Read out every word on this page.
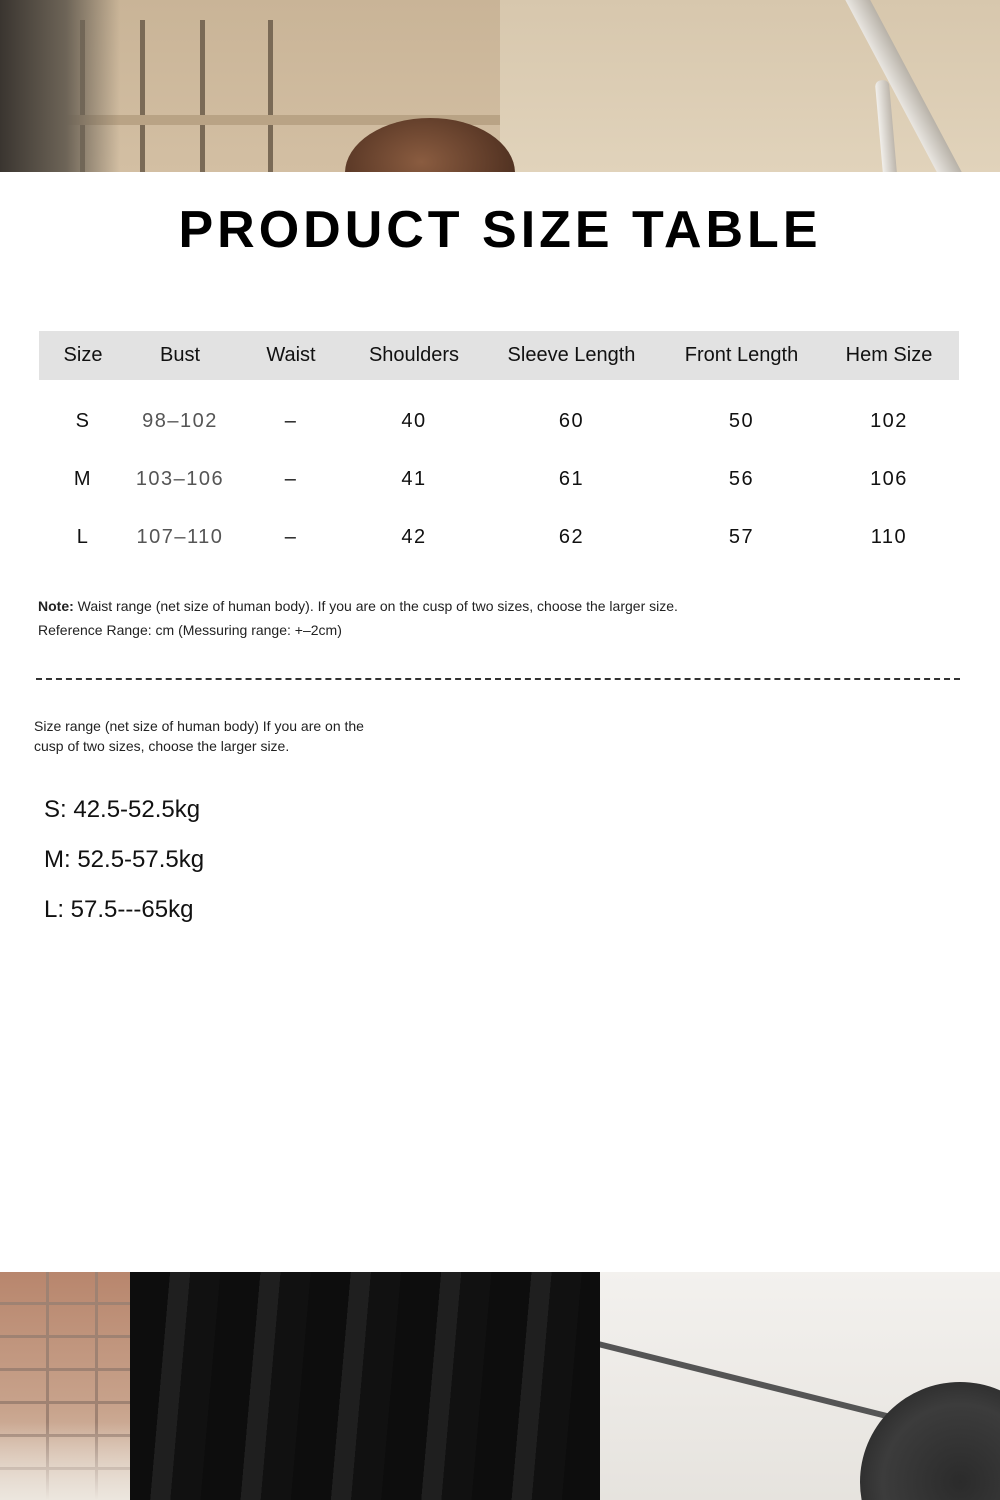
PRODUCT SIZE TABLE
Size	Bust	Waist	Shoulders	Sleeve Length	Front Length	Hem Size

S	98–102	–	40	60	50	102
M	103–106	–	41	61	56	106
L	107–110	–	42	62	57	110
Note: Waist range (net size of human body). If you are on the cusp of two sizes, choose the larger size.
Reference Range: cm (Messuring range: +–2cm)
Size range (net size of human body) If you are on the cusp of two sizes, choose the larger size.
S: 42.5-52.5kg
M: 52.5-57.5kg
L: 57.5---65kg
